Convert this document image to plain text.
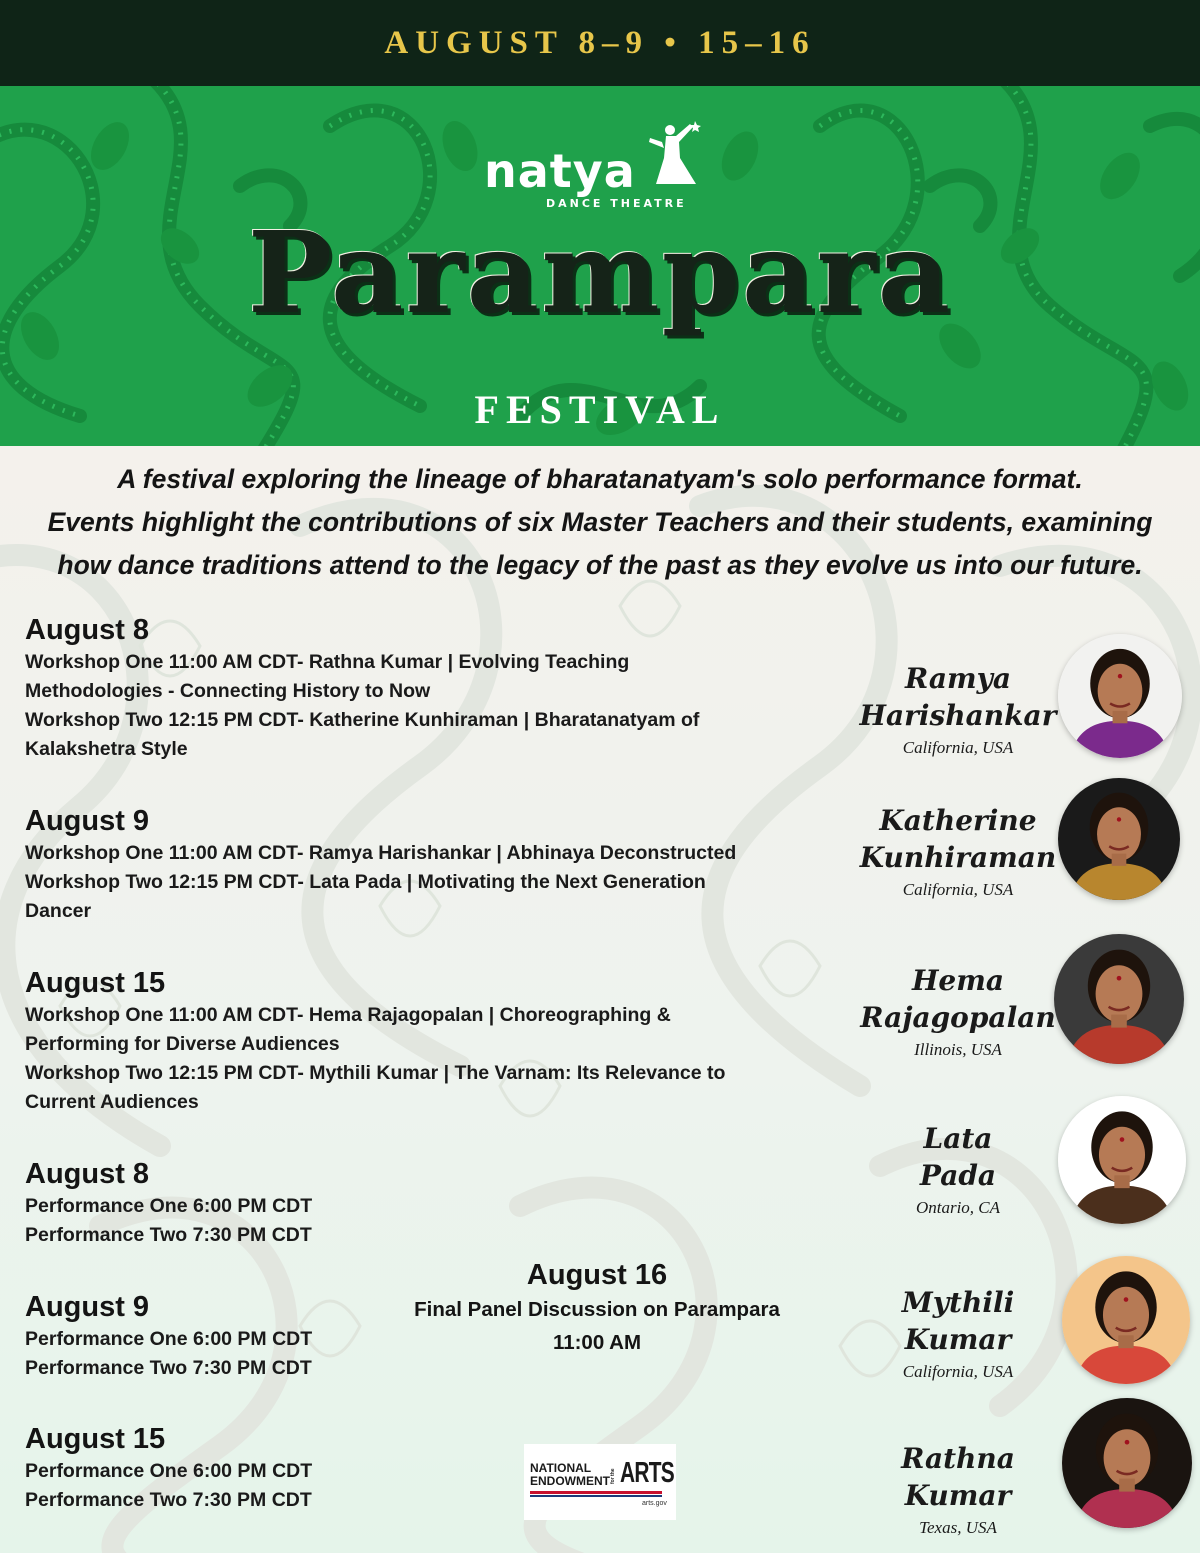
AUGUST 8–9 • 15–16
natya
DANCE THEATRE
Parampara
FESTIVAL
A festival exploring the lineage of bharatanatyam's solo performance format.
Events highlight the contributions of six Master Teachers and their students, examining
how dance traditions attend to the legacy of the past as they evolve us into our future.
August 8
Workshop One 11:00 AM CDT- Rathna Kumar | Evolving Teaching
Methodologies - Connecting History to Now
Workshop Two 12:15 PM CDT- Katherine Kunhiraman | Bharatanatyam of
Kalakshetra Style
August 9
Workshop One 11:00 AM CDT- Ramya Harishankar | Abhinaya Deconstructed
Workshop Two 12:15 PM CDT- Lata Pada | Motivating the Next Generation
Dancer
August 15
Workshop One 11:00 AM CDT- Hema Rajagopalan | Choreographing &
Performing for Diverse Audiences
Workshop Two 12:15 PM CDT- Mythili Kumar | The Varnam: Its Relevance to
Current Audiences
August 8
Performance One 6:00 PM CDT
Performance Two 7:30 PM CDT
August 9
Performance One 6:00 PM CDT
Performance Two 7:30 PM CDT
August 15
Performance One 6:00 PM CDT
Performance Two 7:30 PM CDT
August 16
Final Panel Discussion on Parampara
11:00 AM
NATIONAL
ENDOWMENT for the ARTS
arts.gov
Ramya
Harishankar
California, USA
Katherine
Kunhiraman
California, USA
Hema
Rajagopalan
Illinois, USA
Lata
Pada
Ontario, CA
Mythili
Kumar
California, USA
Rathna
Kumar
Texas, USA
